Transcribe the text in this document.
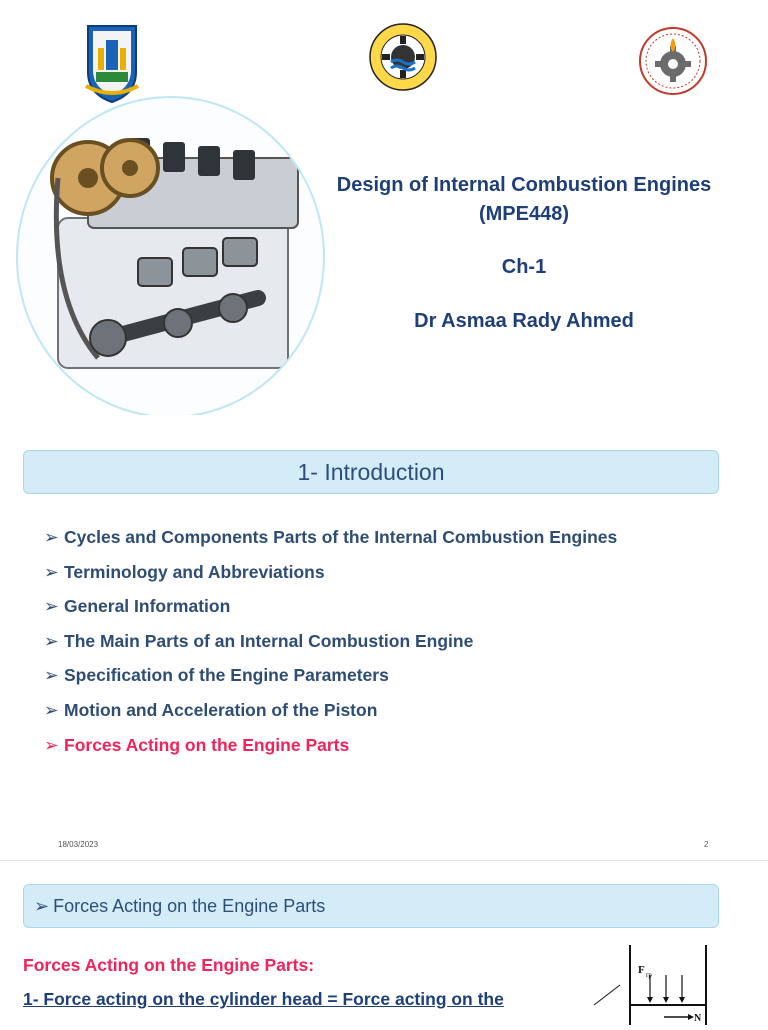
Design of Internal Combustion Engines
(MPE448)
Ch-1
Dr Asmaa Rady Ahmed
1- Introduction
➢ Cycles and Components Parts of the Internal Combustion Engines
➢ Terminology and Abbreviations
➢ General Information
➢ The Main Parts of an Internal Combustion Engine
➢ Specification of the Engine Parameters
➢ Motion and Acceleration of the Piston
➢ Forces Acting on the Engine Parts
18/03/2023	2
➢ Forces Acting on the Engine Parts
Forces Acting on the Engine Parts:
1- Force acting on the cylinder head = Force acting on the
F rp
N
